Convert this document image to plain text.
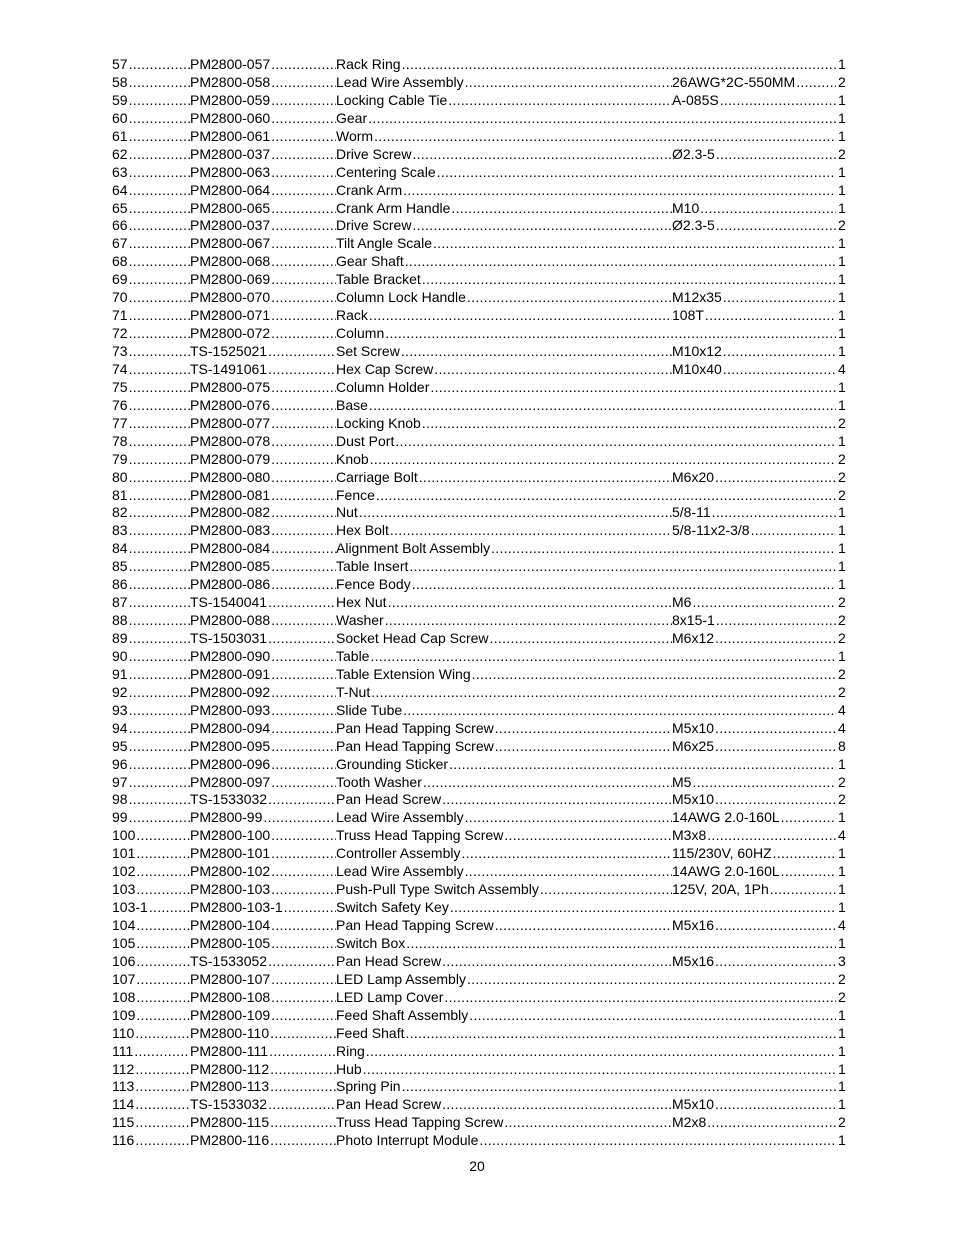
57 .....	PM2800-057 .....	Rack Ring .....	1
58 .....	PM2800-058 .....	Lead Wire Assembly .....	26AWG*2C-550MM .....	2
59 .....	PM2800-059 .....	Locking Cable Tie .....	A-085S .....	1
60 .....	PM2800-060 .....	Gear .....	1
61 .....	PM2800-061 .....	Worm .....	1
62 .....	PM2800-037 .....	Drive Screw .....	Ø2.3-5 .....	2
63 .....	PM2800-063 .....	Centering Scale .....	1
64 .....	PM2800-064 .....	Crank Arm .....	1
65 .....	PM2800-065 .....	Crank Arm Handle .....	M10 .....	1
66 .....	PM2800-037 .....	Drive Screw .....	Ø2.3-5 .....	2
67 .....	PM2800-067 .....	Tilt Angle Scale .....	1
68 .....	PM2800-068 .....	Gear Shaft .....	1
69 .....	PM2800-069 .....	Table Bracket .....	1
70 .....	PM2800-070 .....	Column Lock Handle .....	M12x35 .....	1
71 .....	PM2800-071 .....	Rack .....	108T .....	1
72 .....	PM2800-072 .....	Column .....	1
73 .....	TS-1525021 .....	Set Screw .....	M10x12 .....	1
74 .....	TS-1491061 .....	Hex Cap Screw .....	M10x40 .....	4
75 .....	PM2800-075 .....	Column Holder .....	1
76 .....	PM2800-076 .....	Base .....	1
77 .....	PM2800-077 .....	Locking Knob .....	2
78 .....	PM2800-078 .....	Dust Port .....	1
79 .....	PM2800-079 .....	Knob .....	2
80 .....	PM2800-080 .....	Carriage Bolt .....	M6x20 .....	2
81 .....	PM2800-081 .....	Fence .....	2
82 .....	PM2800-082 .....	Nut .....	5/8-11 .....	1
83 .....	PM2800-083 .....	Hex Bolt .....	5/8-11x2-3/8 .....	1
84 .....	PM2800-084 .....	Alignment Bolt Assembly .....	1
85 .....	PM2800-085 .....	Table Insert .....	1
86 .....	PM2800-086 .....	Fence Body .....	1
87 .....	TS-1540041 .....	Hex Nut .....	M6 .....	2
88 .....	PM2800-088 .....	Washer .....	8x15-1 .....	2
89 .....	TS-1503031 .....	Socket Head Cap Screw .....	M6x12 .....	2
90 .....	PM2800-090 .....	Table .....	1
91 .....	PM2800-091 .....	Table Extension Wing .....	2
92 .....	PM2800-092 .....	T-Nut .....	2
93 .....	PM2800-093 .....	Slide Tube .....	4
94 .....	PM2800-094 .....	Pan Head Tapping Screw .....	M5x10 .....	4
95 .....	PM2800-095 .....	Pan Head Tapping Screw .....	M6x25 .....	8
96 .....	PM2800-096 .....	Grounding Sticker .....	1
97 .....	PM2800-097 .....	Tooth Washer .....	M5 .....	2
98 .....	TS-1533032 .....	Pan Head Screw .....	M5x10 .....	2
99 .....	PM2800-99 .....	Lead Wire Assembly .....	14AWG 2.0-160L .....	1
100 .....	PM2800-100 .....	Truss Head Tapping Screw .....	M3x8 .....	4
101 .....	PM2800-101 .....	Controller Assembly .....	115/230V, 60HZ .....	1
102 .....	PM2800-102 .....	Lead Wire Assembly .....	14AWG 2.0-160L .....	1
103 .....	PM2800-103 .....	Push-Pull Type Switch Assembly .....	125V, 20A, 1Ph .....	1
103-1 .....	PM2800-103-1 .....	Switch Safety Key .....	1
104 .....	PM2800-104 .....	Pan Head Tapping Screw .....	M5x16 .....	4
105 .....	PM2800-105 .....	Switch Box .....	1
106 .....	TS-1533052 .....	Pan Head Screw .....	M5x16 .....	3
107 .....	PM2800-107 .....	LED Lamp Assembly .....	2
108 .....	PM2800-108 .....	LED Lamp Cover .....	2
109 .....	PM2800-109 .....	Feed Shaft Assembly .....	1
110 .....	PM2800-110 .....	Feed Shaft .....	1
111 .....	PM2800-111 .....	Ring .....	1
112 .....	PM2800-112 .....	Hub .....	1
113 .....	PM2800-113 .....	Spring Pin .....	1
114 .....	TS-1533032 .....	Pan Head Screw .....	M5x10 .....	1
115 .....	PM2800-115 .....	Truss Head Tapping Screw .....	M2x8 .....	2
116 .....	PM2800-116 .....	Photo Interrupt Module .....	1
20
